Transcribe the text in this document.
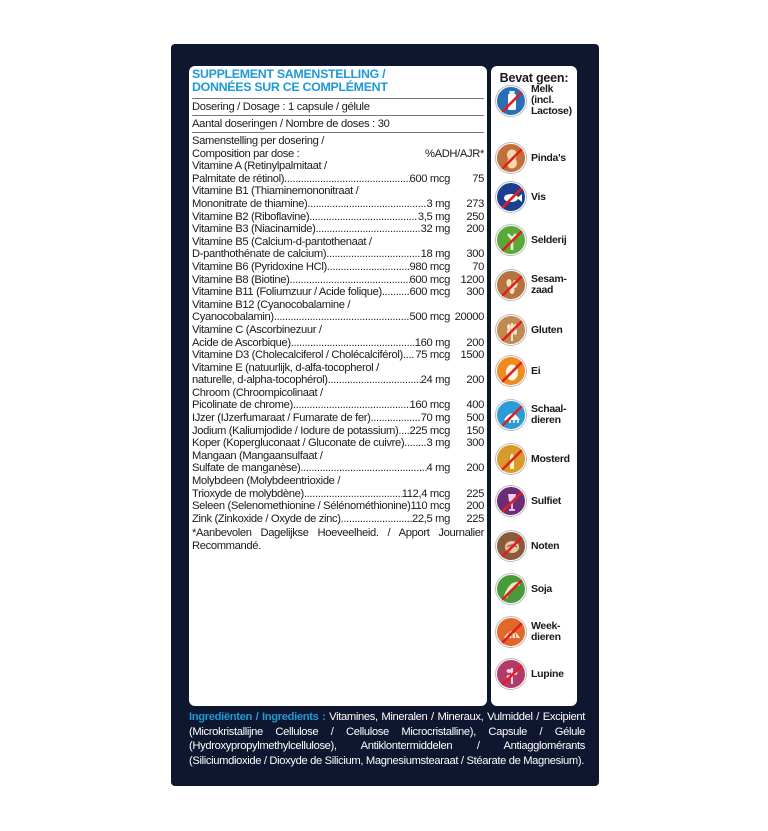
SUPPLEMENT SAMENSTELLING /
DONNÉES SUR CE COMPLÉMENT
Dosering / Dosage : 1 capsule / gélule
Aantal doseringen / Nombre de doses : 30
Samenstelling per dosering /
Composition par dose :	%ADH/AJR*
Vitamine A (Retinylpalmitaat /
Palmitate de rétinol) .....	600 mcg	75
Vitamine B1 (Thiaminemononitraat /
Mononitrate de thiamine) .....	3 mg	273
Vitamine B2 (Riboflavine) .....	3,5 mg	250
Vitamine B3 (Niacinamide) .....	32 mg	200
Vitamine B5 (Calcium-d-pantothenaat /
D-panthothénate de calcium) .....	18 mg	300
Vitamine B6 (Pyridoxine HCl) .....	980 mcg	70
Vitamine B8 (Biotine) .....	600 mcg 1200
Vitamine B11 (Foliumzuur / Acide folique) ..... 600 mcg	300
Vitamine B12 (Cyanocobalamine /
Cyanocobalamin) .....	500 mcg 20000
Vitamine C (Ascorbinezuur /
Acide de Ascorbique) .....	160 mg	200
Vitamine D3 (Cholecalciferol / Cholécalciférol) ..... 75 mcg 1500
Vitamine E (natuurlijk, d-alfa-tocopherol /
naturelle, d-alpha-tocophérol) .....	24 mg	200
Chroom (Chroompicolinaat /
Picolinate de chrome) .....	160 mcg	400
IJzer (IJzerfumaraat / Fumarate de fer) .....	70 mg	500
Jodium (Kaliumjodide / Iodure de potassium) ..... 225 mcg	150
Koper (Kopergluconaat / Gluconate de cuivre) ..... 3 mg	300
Mangaan (Mangaansulfaat /
Sulfate de manganèse) .....	4 mg	200
Molybdeen (Molybdeentrioxide /
Trioxyde de molybdène) .....	112,4 mcg	225
Seleen (Selenomethionine / Sélénométhionine) 110 mcg	200
Zink (Zinkoxide / Oxyde de zinc) .....	22,5 mg	225
*Aanbevolen Dagelijkse Hoeveelheid. / Apport Journalier Recommandé.
Bevat geen:
Melk
(incl.
Lactose)
Pinda's
Vis
Selderij
Sesam-
zaad
Gluten
Ei
Schaal-
dieren
Mosterd
Sulfiet
Noten
Soja
Week-
dieren
Lupine
Ingrediënten / Ingredients : Vitamines, Mineralen / Mineraux, Vulmiddel / Excipient (Microkristallijne Cellulose / Cellulose Microcristalline), Capsule / Gélule (Hydroxypropylmethylcellulose), Antiklontermiddelen / Antiagglomérants (Siliciumdioxide / Dioxyde de Silicium, Magnesiumstearaat / Stéarate de Magnesium).
